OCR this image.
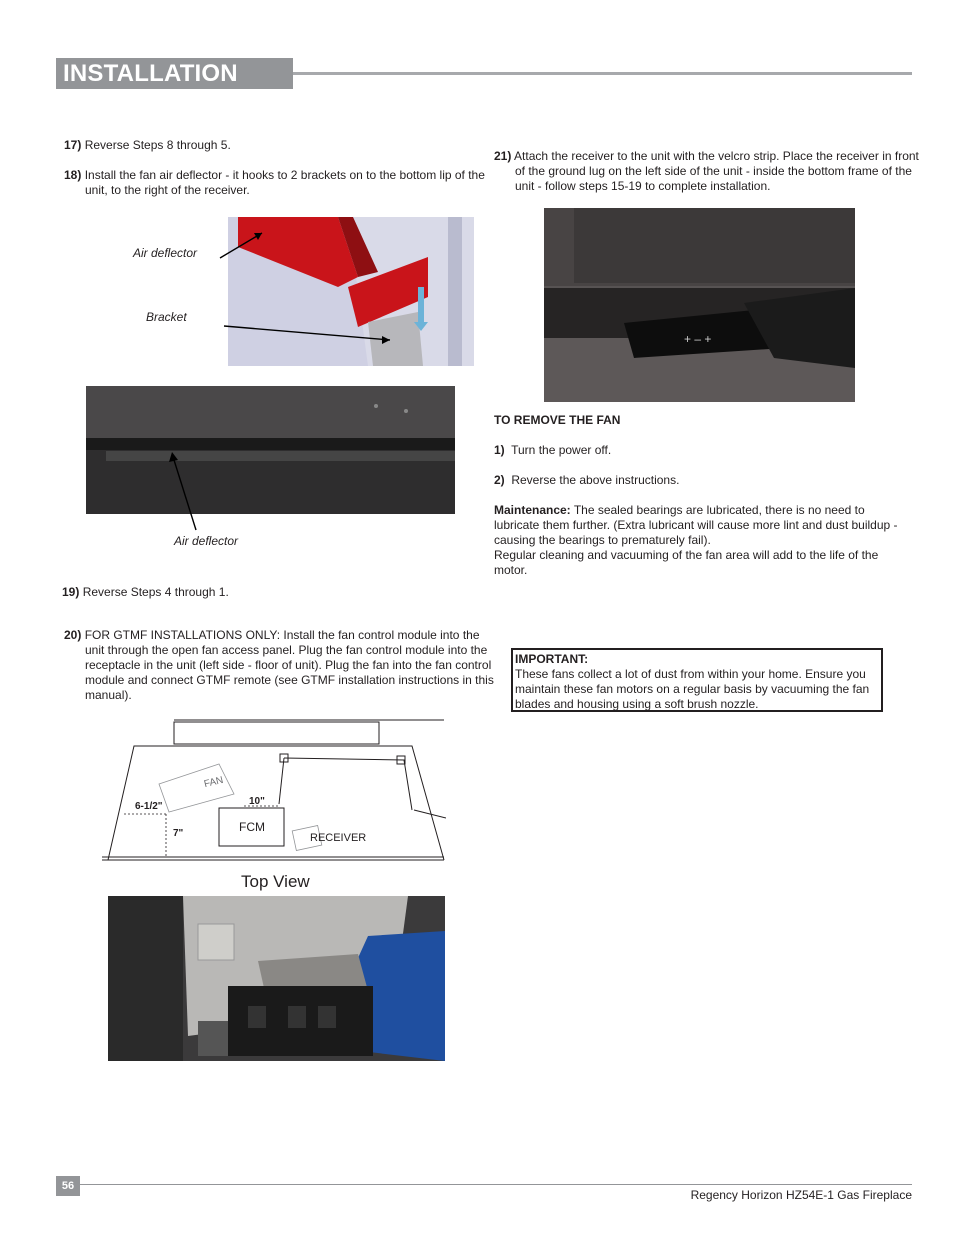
INSTALLATION
17) Reverse Steps 8 through 5.
18) Install the fan air deflector - it hooks to 2 brackets on to the bottom lip of the unit, to the right of the receiver.
Air deflector
Bracket
Air deflector
19) Reverse Steps 4 through 1.
20) FOR GTMF INSTALLATIONS ONLY: Install the fan control module into the unit through the open fan access panel. Plug the fan control module into the receptacle in the unit (left side - floor of unit). Plug the fan into the fan control module and connect GTMF remote (see GTMF installation instructions in this manual).
FAN
FCM
RECEIVER
6-1/2"
7"
10"
Top View
21) Attach the receiver to the unit with the velcro strip. Place the receiver in front of the ground lug on the left side of the unit - inside the bottom frame of the unit - follow steps 15-19 to complete installation.
+ – +
TO REMOVE THE FAN
1) Turn the power off.
2) Reverse the above instructions.
Maintenance: The sealed bearings are lubricated, there is no need to lubricate them further. (Extra lubricant will cause more lint and dust buildup - causing the bearings to prematurely fail).
Regular cleaning and vacuuming of the fan area will add to the life of the motor.
IMPORTANT:
These fans collect a lot of dust from within your home. Ensure you maintain these fan motors on a regular basis by vacuuming the fan blades and housing using a soft brush nozzle.
56
Regency Horizon HZ54E-1 Gas Fireplace
